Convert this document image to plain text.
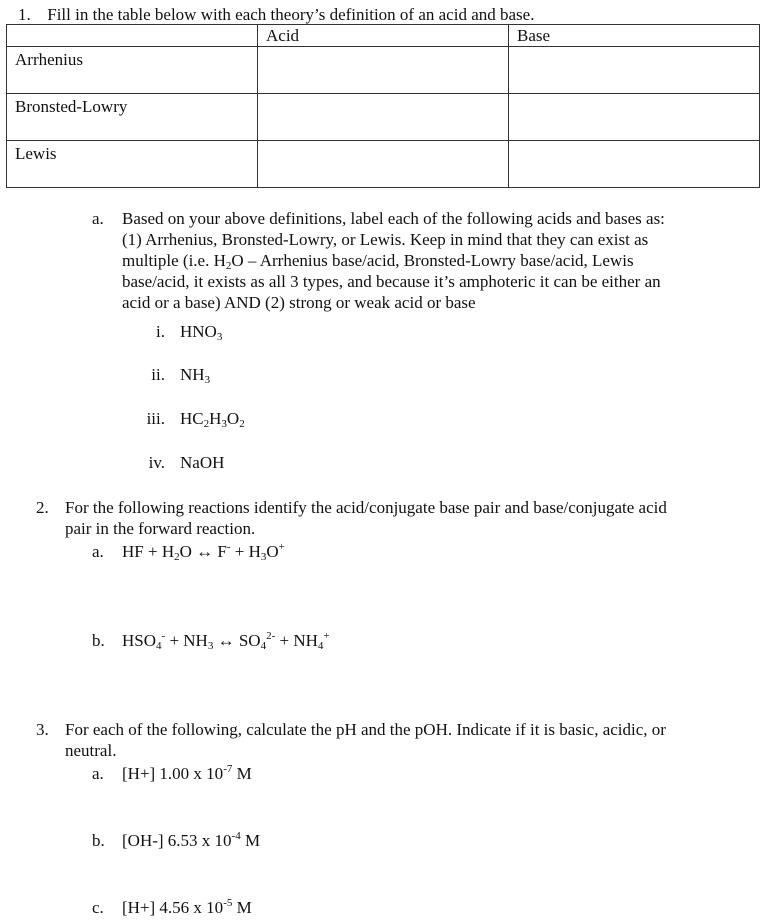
1. Fill in the table below with each theory’s definition of an acid and base.
	Acid	Base
Arrhenius		
Bronsted-Lowry		
Lewis		
a. Based on your above definitions, label each of the following acids and bases as:
(1) Arrhenius, Bronsted-Lowry, or Lewis. Keep in mind that they can exist as
multiple (i.e. $H_2O$ – Arrhenius base/acid, Bronsted-Lowry base/acid, Lewis
base/acid, it exists as all 3 types, and because it’s amphoteric it can be either an
acid or a base) AND (2) strong or weak acid or base
i. $HNO_3$
ii. $NH_3$
iii. $HC_2H_3O_2$
iv. NaOH
2. For the following reactions identify the acid/conjugate base pair and base/conjugate acid
pair in the forward reaction.
a. HF + $H_2O$ ↔ $F^- + H_3O^+$
b. $HSO_4^- + NH_3$ ↔ $SO_4^{2-} + NH_4^+$
3. For each of the following, calculate the pH and the pOH. Indicate if it is basic, acidic, or
neutral.
a. [H+] 1.00 x $10^{-7}$ M
b. [OH-] 6.53 x $10^{-4}$ M
c. [H+] 4.56 x $10^{-5}$ M
